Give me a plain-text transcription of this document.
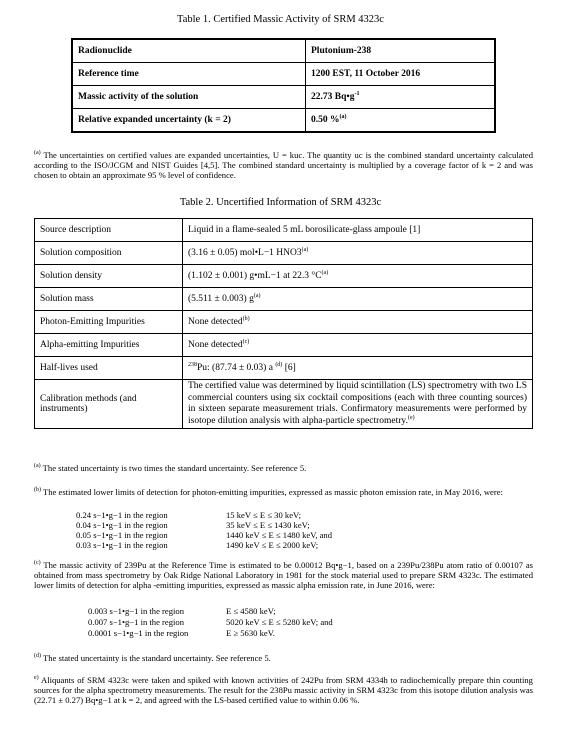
Table 1. Certified Massic Activity of SRM 4323c
Radionuclide	Plutonium-238
Reference time	1200 EST, 11 October 2016
Massic activity of the solution	22.73 $Bq•g^{-1}$
Relative expanded uncertainty (k = 2)	0.50 %$^{(a)}$
$^{(a)}$ The uncertainties on certified values are expanded uncertainties, U = kuc. The quantity uc is the combined standard uncertainty calculated according to the ISO/JCGM and NIST Guides [4,5]. The combined standard uncertainty is multiplied by a coverage factor of k = 2 and was chosen to obtain an approximate 95 % level of confidence.
Table 2. Uncertified Information of SRM 4323c
Source description	Liquid in a flame-sealed 5 mL borosilicate-glass ampoule [1]
Solution composition	(3.16 ± 0.05) mol•L−1 HNO3$^{(a)}$
Solution density	(1.102 ± 0.001) g•mL−1 at 22.3 $^\circ C^{(a)}$
Solution mass	(5.511 ± 0.003) $g^{(a)}$
Photon-Emitting Impurities	None detected$^{(b)}$
Alpha-emitting Impurities	None detected$^{(c)}$
Half-lives used	$^{238}$Pu: (87.74 ± 0.03) a $^{(d)}$ [6]
Calibration methods (and instruments)	The certified value was determined by liquid scintillation (LS) spectrometry with two LS commercial counters using six cocktail compositions (each with three counting sources) in sixteen separate measurement trials. Confirmatory measurements were performed by isotope dilution analysis with alpha-particle spectrometry.$^{(e)}$
$^{(a)}$ The stated uncertainty is two times the standard uncertainty. See reference 5.
$^{(b)}$ The estimated lower limits of detection for photon-emitting impurities, expressed as massic photon emission rate, in May 2016, were:
0.24 s−1•g−1 in the region	15 keV ≤ E ≤ 30 keV;
0.04 s−1•g−1 in the region	35 keV ≤ E ≤ 1430 keV;
0.05 s−1•g−1 in the region	1440 keV ≤ E ≤ 1480 keV, and
0.03 s−1•g−1 in the region	1490 keV ≤ E ≤ 2000 keV;
$^{(c)}$ The massic activity of 239Pu at the Reference Time is estimated to be 0.00012 Bq•g−1, based on a 239Pu/238Pu atom ratio of 0.00107 as obtained from mass spectrometry by Oak Ridge National Laboratory in 1981 for the stock material used to prepare SRM 4323c. The estimated lower limits of detection for alpha -emitting impurities, expressed as massic alpha emission rate, in June 2016, were:
0.003 s−1•g−1 in the region	E ≤ 4580 keV;
0.007 s−1•g−1 in the region	5020 keV ≤ E ≤ 5280 keV; and
0.0001 s−1•g−1 in the region	E ≥ 5630 keV.
$^{(d)}$ The stated uncertainty is the standard uncertainty. See reference 5.
$^{e)}$ Aliquants of SRM 4323c were taken and spiked with known activities of 242Pu from SRM 4334h to radiochemically prepare thin counting sources for the alpha spectrometry measurements. The result for the 238Pu massic activity in SRM 4323c from this isotope dilution analysis was (22.71 ± 0.27) Bq•g−1 at k = 2, and agreed with the LS-based certified value to within 0.06 %.
